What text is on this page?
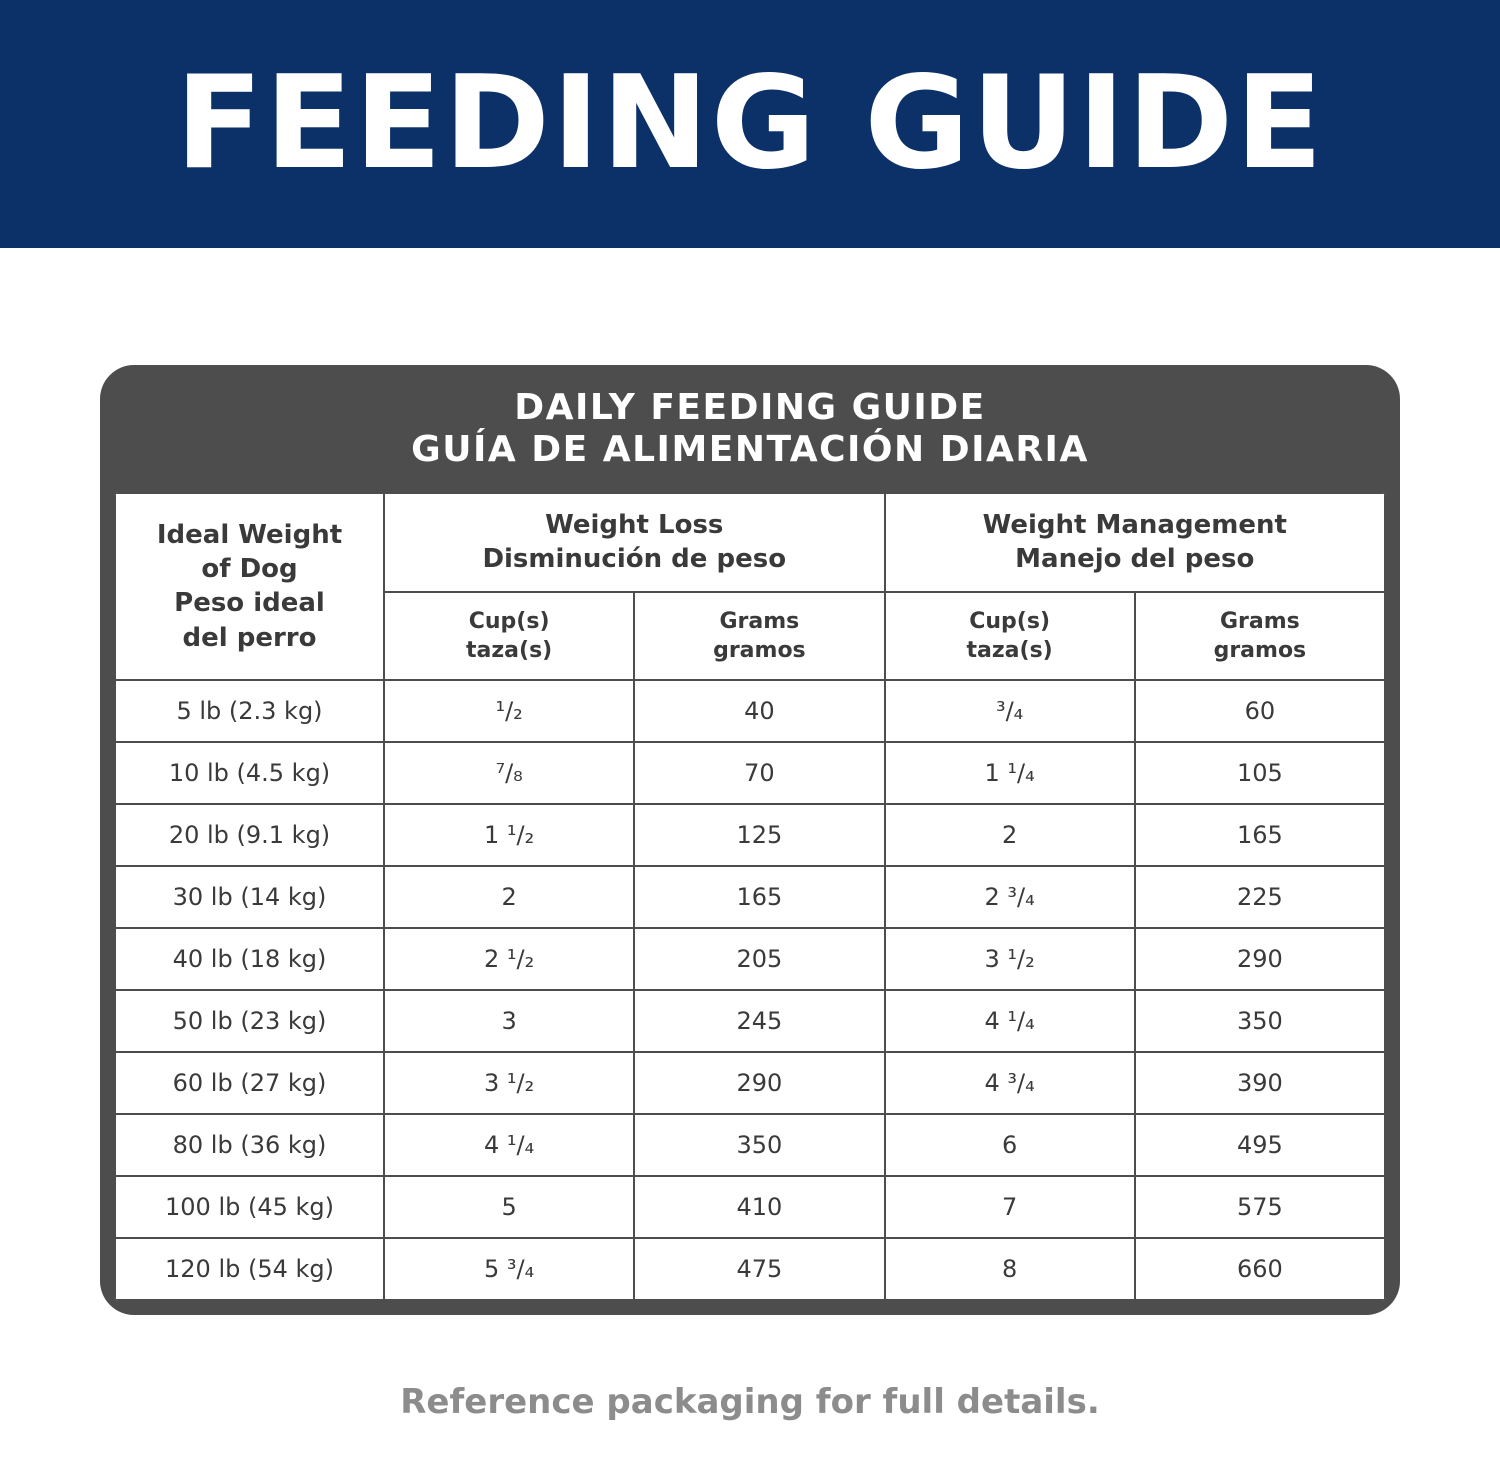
FEEDING GUIDE
DAILY FEEDING GUIDE
GUÍA DE ALIMENTACIÓN DIARIA
Ideal Weight
of Dog
Peso ideal
del perro

Weight Loss
Disminución de peso

Weight Management
Manejo del peso

Cup(s)
taza(s)

Grams
gramos

Cup(s)
taza(s)

Grams
gramos

5 lb (2.3 kg)	¹/₂	40	³/₄	60
10 lb (4.5 kg)	⁷/₈	70	1 ¹/₄	105
20 lb (9.1 kg)	1 ¹/₂	125	2	165
30 lb (14 kg)	2	165	2 ³/₄	225
40 lb (18 kg)	2 ¹/₂	205	3 ¹/₂	290
50 lb (23 kg)	3	245	4 ¹/₄	350
60 lb (27 kg)	3 ¹/₂	290	4 ³/₄	390
80 lb (36 kg)	4 ¹/₄	350	6	495
100 lb (45 kg)	5	410	7	575
120 lb (54 kg)	5 ³/₄	475	8	660
Reference packaging for full details.
